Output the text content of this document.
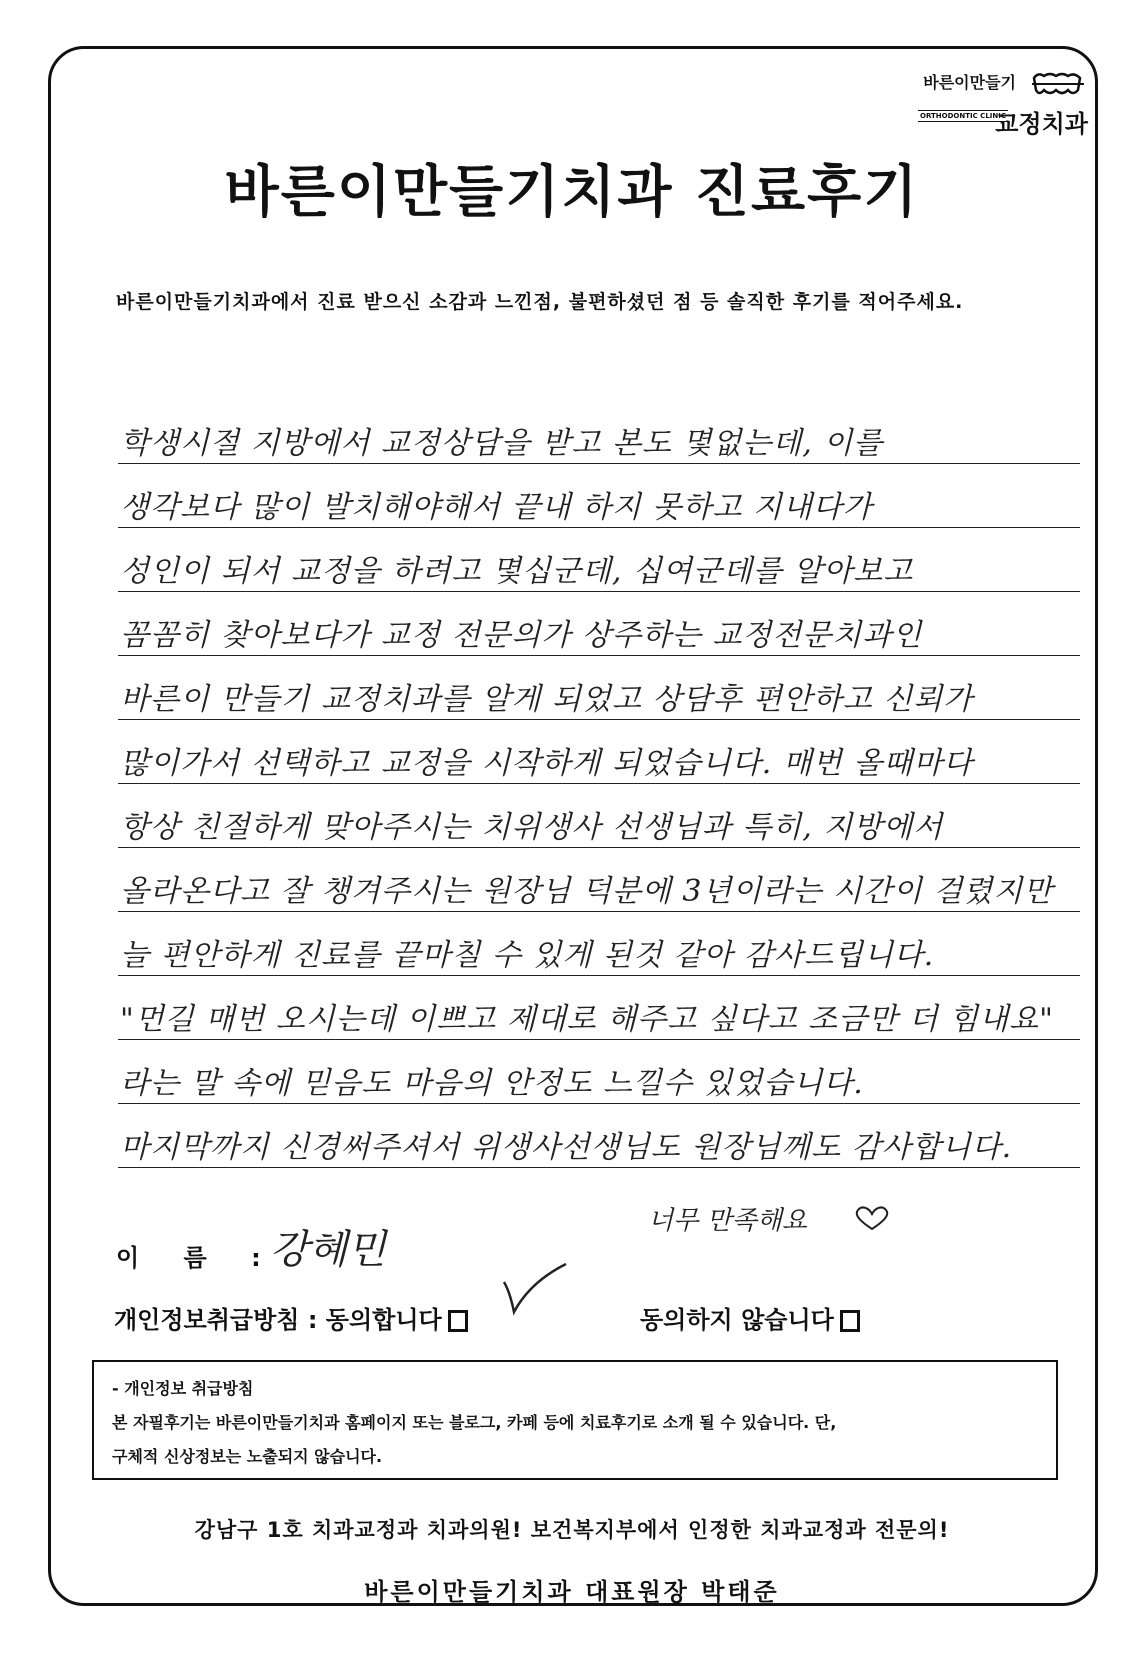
바른이만들기
ORTHODONTIC CLINIC
교정치과
바른이만들기치과 진료후기
바른이만들기치과에서 진료 받으신 소감과 느낀점, 불편하셨던 점 등 솔직한 후기를 적어주세요.
학생시절 지방에서 교정상담을 받고 본도 몇없는데, 이를
생각보다 많이 발치해야해서 끝내 하지 못하고 지내다가
성인이 되서 교정을 하려고 몇십군데, 십여군데를 알아보고
꼼꼼히 찾아보다가 교정 전문의가 상주하는 교정전문치과인
바른이 만들기 교정치과를 알게 되었고 상담후 편안하고 신뢰가
많이가서 선택하고 교정을 시작하게 되었습니다. 매번 올때마다
항상 친절하게 맞아주시는 치위생사 선생님과 특히, 지방에서
올라온다고 잘 챙겨주시는 원장님 덕분에 3년이라는 시간이 걸렸지만
늘 편안하게 진료를 끝마칠 수 있게 된것 같아 감사드립니다.
"먼길 매번 오시는데 이쁘고 제대로 해주고 싶다고 조금만 더 힘내요"
라는 말 속에 믿음도 마음의 안정도 느낄수 있었습니다.
마지막까지 신경써주셔서 위생사선생님도 원장님께도 감사합니다.
너무 만족해요
이 름 :
강혜민
개인정보취급방침 : 동의합니다	동의하지 않습니다
- 개인정보 취급방침
본 자필후기는 바른이만들기치과 홈페이지 또는 블로그, 카페 등에 치료후기로 소개 될 수 있습니다. 단,
구체적 신상정보는 노출되지 않습니다.
강남구 1호 치과교정과 치과의원! 보건복지부에서 인정한 치과교정과 전문의!
바른이만들기치과 대표원장 박태준
